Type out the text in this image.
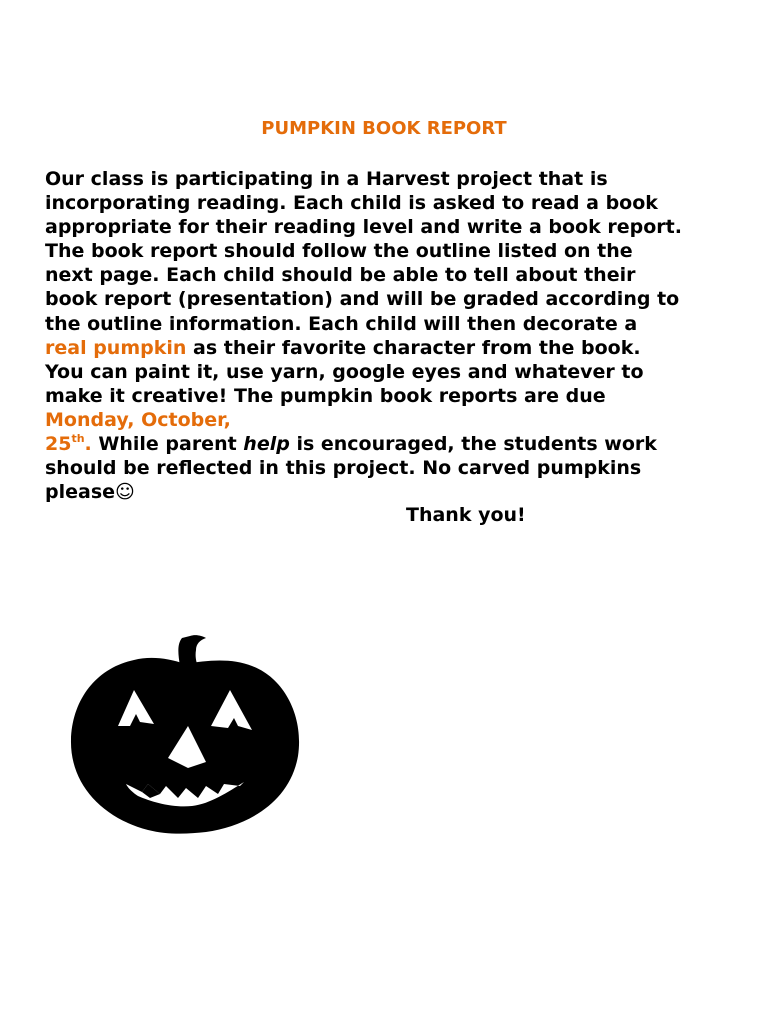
PUMPKIN BOOK REPORT

Our class is participating in a Harvest project that is
incorporating reading. Each child is asked to read a book
appropriate for their reading level and write a book report.
The book report should follow the outline listed on the
next page. Each child should be able to tell about their
book report (presentation) and will be graded according to
the outline information. Each child will then decorate a
real pumpkin as their favorite character from the book.
You can paint it, use yarn, google eyes and whatever to
make it creative! The pumpkin book reports are due
Monday, October,
25th. While parent help is encouraged, the students work
should be reflected in this project. No carved pumpkins
please☺

Thank you!
